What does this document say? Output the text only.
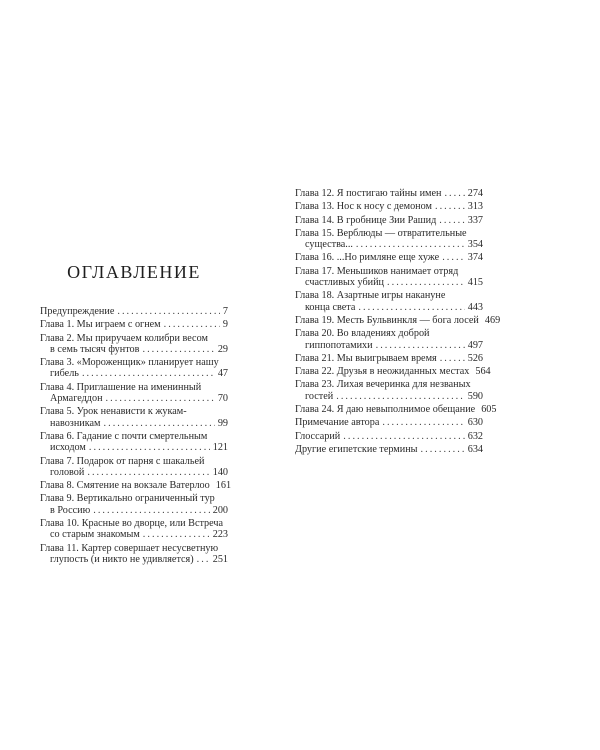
ОГЛАВЛЕНИЕ
Предупреждение . . .	7
Глава 1. Мы играем с огнем . . .	9
Глава 2. Мы приручаем колибри весом
в семь тысяч фунтов . . .	29
Глава 3. «Мороженщик» планирует нашу
гибель . . .	47
Глава 4. Приглашение на именинный
Армагеддон . . .	70
Глава 5. Урок ненависти к жукам-
навозникам . . .	99
Глава 6. Гадание с почти смертельным
исходом . . .	121
Глава 7. Подарок от парня с шакальей
головой . . .	140
Глава 8. Смятение на вокзале Ватерлоо 161
Глава 9. Вертикально ограниченный тур
в Россию . . .	200
Глава 10. Красные во дворце, или Встреча
со старым знакомым . . .	223
Глава 11. Картер совершает несусветную
глупость (и никто не удивляется) . . . 251
Глава 12. Я постигаю тайны имен . . .	274
Глава 13. Нос к носу с демоном . . .	313
Глава 14. В гробнице Зии Рашид . . .	337
Глава 15. Верблюды — отвратительные
существа... . . .	354
Глава 16. ...Но римляне еще хуже . . .	374
Глава 17. Меньшиков нанимает отряд
счастливых убийц . . .	415
Глава 18. Азартные игры накануне
конца света . . .	443
Глава 19. Месть Бульвинкля — бога лосей 469
Глава 20. Во владениях доброй
гиппопотамихи . . .	497
Глава 21. Мы выигрываем время . . .	526
Глава 22. Друзья в неожиданных местах 564
Глава 23. Лихая вечеринка для незваных
гостей . . .	590
Глава 24. Я даю невыполнимое обещание 605
Примечание автора . . .	630
Глоссарий . . .	632
Другие египетские термины . . .	634
